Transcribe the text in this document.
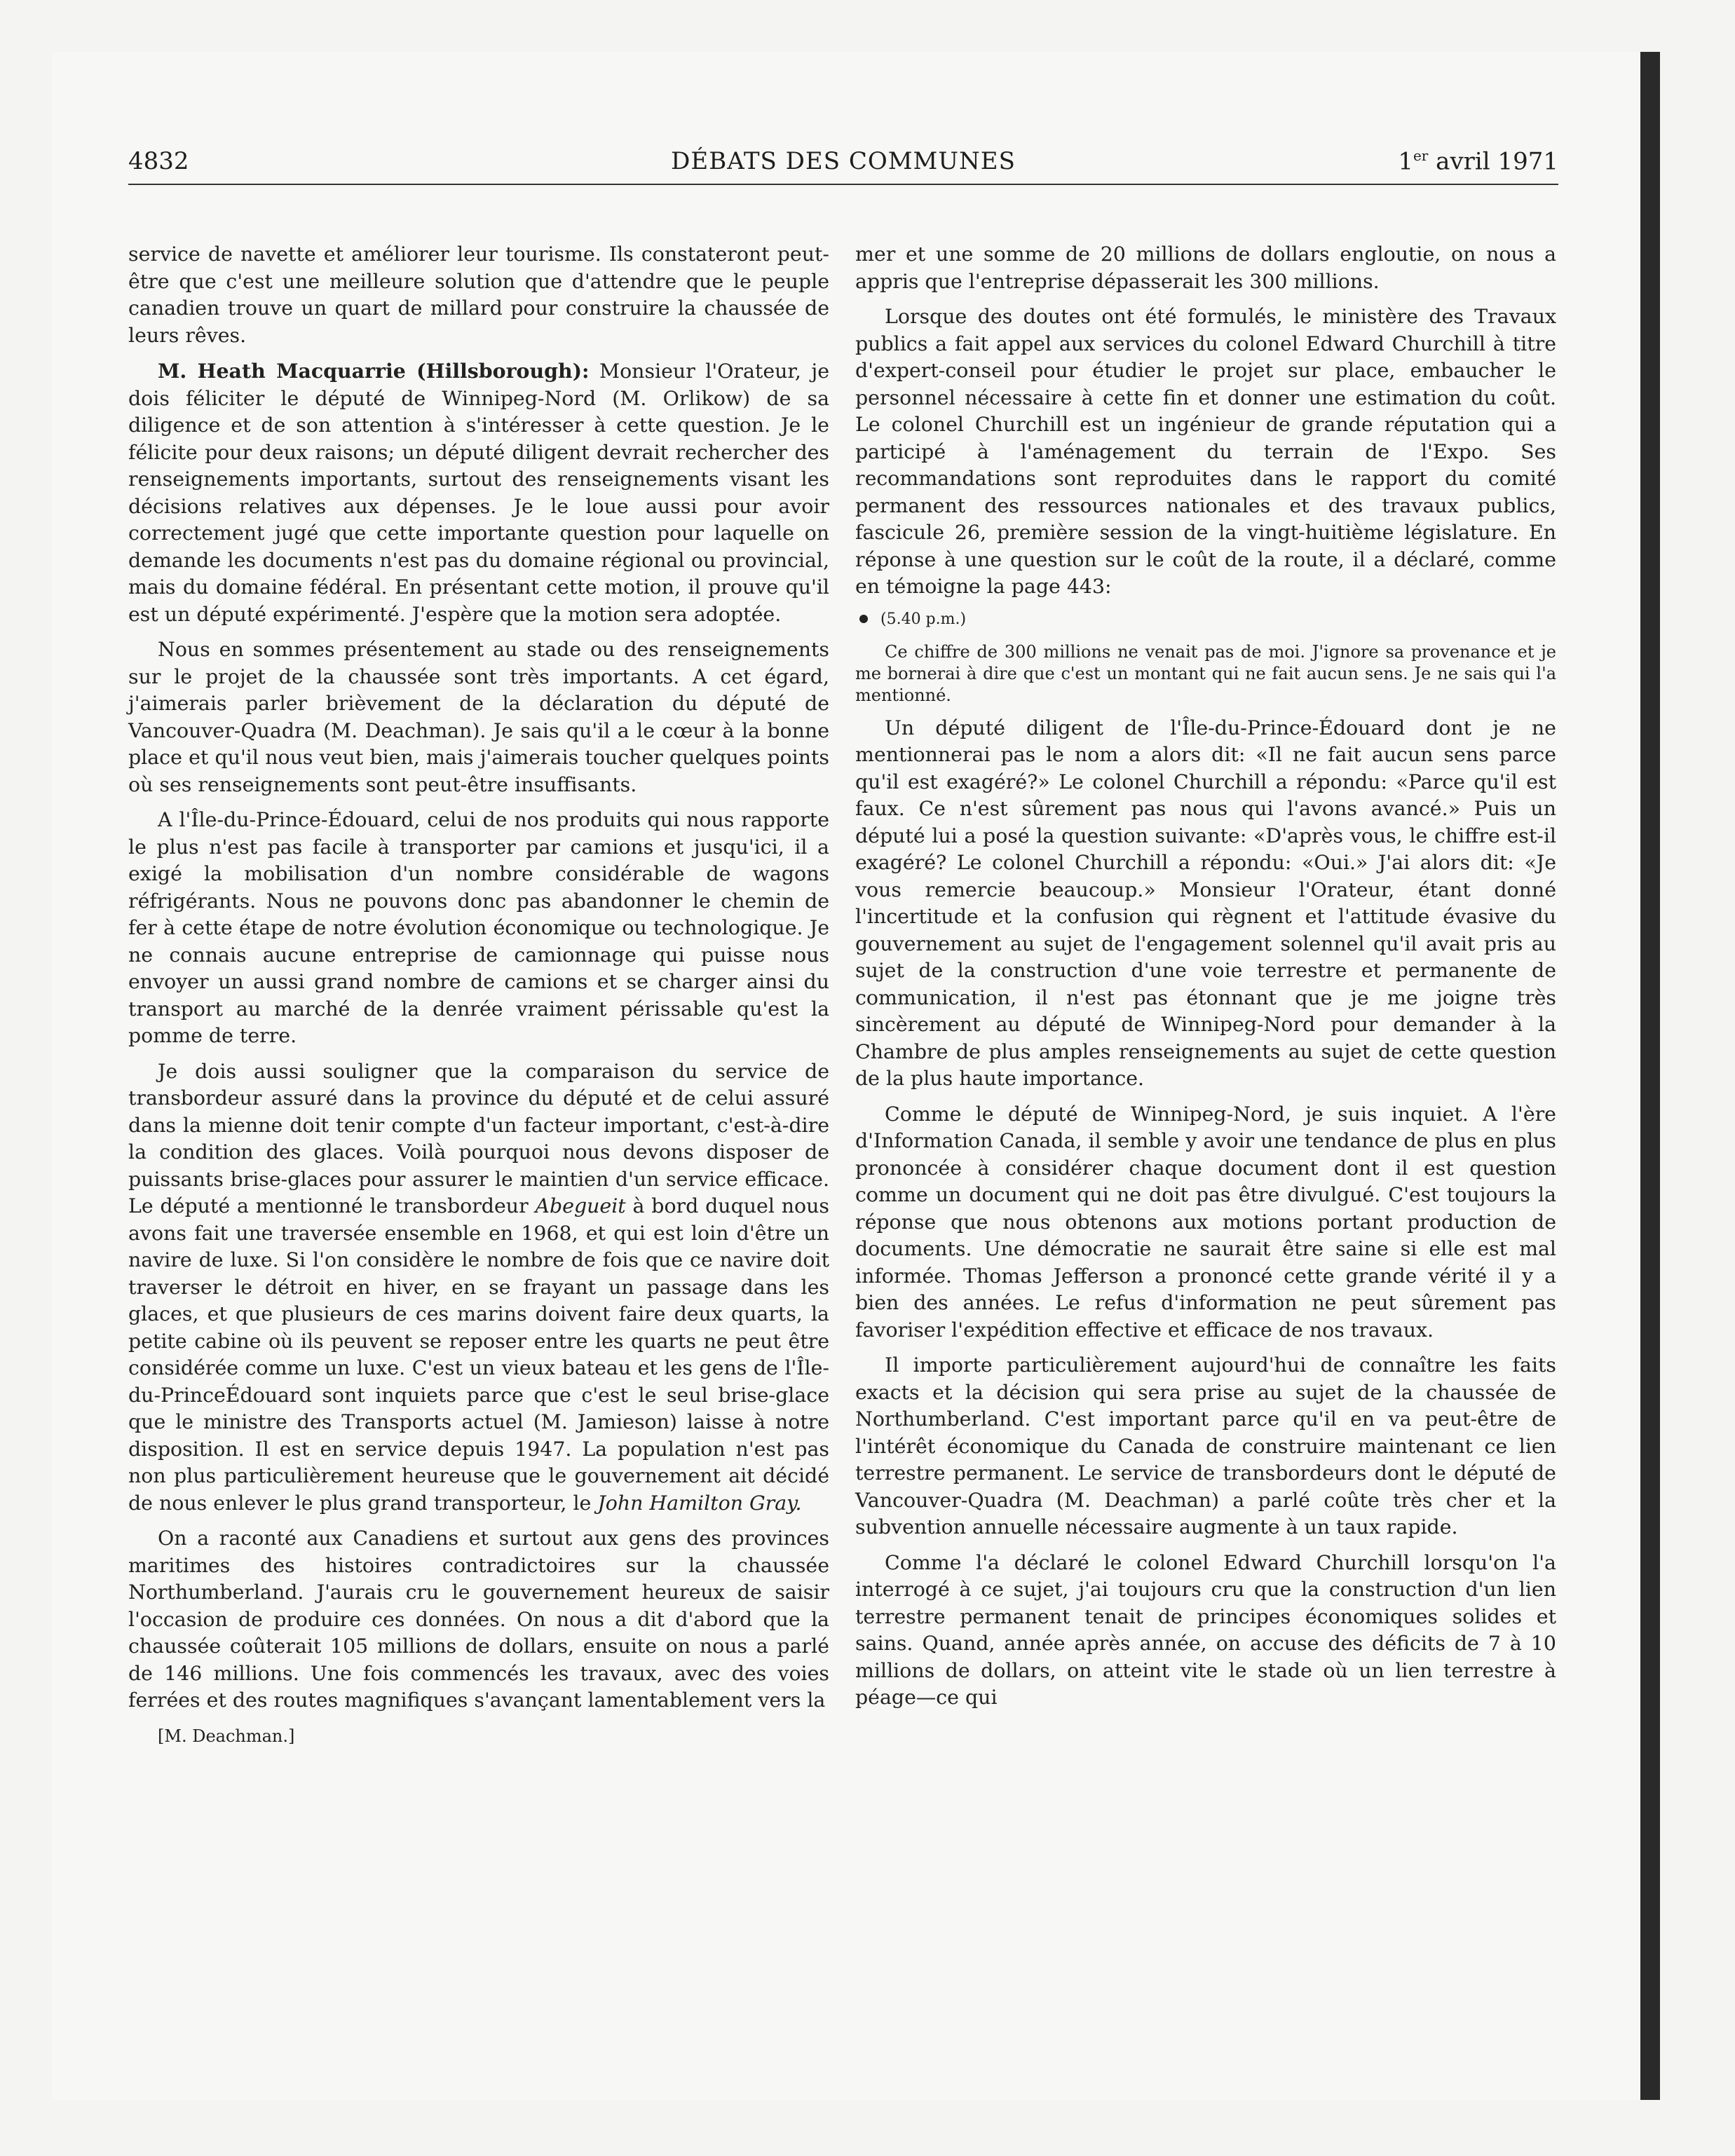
4832	DÉBATS DES COMMUNES	1er avril 1971

service de navette et améliorer leur tourisme. Ils constateront peut-être que c'est une meilleure solution que d'attendre que le peuple canadien trouve un quart de millard pour construire la chaussée de leurs rêves.

M. Heath Macquarrie (Hillsborough): Monsieur l'Orateur, je dois féliciter le député de Winnipeg-Nord (M. Orlikow) de sa diligence et de son attention à s'intéresser à cette question. Je le félicite pour deux raisons; un député diligent devrait rechercher des renseignements importants, surtout des renseignements visant les décisions relatives aux dépenses. Je le loue aussi pour avoir correctement jugé que cette importante question pour laquelle on demande les documents n'est pas du domaine régional ou provincial, mais du domaine fédéral. En présentant cette motion, il prouve qu'il est un député expérimenté. J'espère que la motion sera adoptée.

Nous en sommes présentement au stade ou des renseignements sur le projet de la chaussée sont très importants. A cet égard, j'aimerais parler brièvement de la déclaration du député de Vancouver-Quadra (M. Deachman). Je sais qu'il a le cœur à la bonne place et qu'il nous veut bien, mais j'aimerais toucher quelques points où ses renseignements sont peut-être insuffisants.

A l'Île-du-Prince-Édouard, celui de nos produits qui nous rapporte le plus n'est pas facile à transporter par camions et jusqu'ici, il a exigé la mobilisation d'un nombre considérable de wagons réfrigérants. Nous ne pouvons donc pas abandonner le chemin de fer à cette étape de notre évolution économique ou technologique. Je ne connais aucune entreprise de camionnage qui puisse nous envoyer un aussi grand nombre de camions et se charger ainsi du transport au marché de la denrée vraiment périssable qu'est la pomme de terre.

Je dois aussi souligner que la comparaison du service de transbordeur assuré dans la province du député et de celui assuré dans la mienne doit tenir compte d'un facteur important, c'est-à-dire la condition des glaces. Voilà pourquoi nous devons disposer de puissants brise-glaces pour assurer le maintien d'un service efficace. Le député a mentionné le transbordeur Abegueit à bord duquel nous avons fait une traversée ensemble en 1968, et qui est loin d'être un navire de luxe. Si l'on considère le nombre de fois que ce navire doit traverser le détroit en hiver, en se frayant un passage dans les glaces, et que plusieurs de ces marins doivent faire deux quarts, la petite cabine où ils peuvent se reposer entre les quarts ne peut être considérée comme un luxe. C'est un vieux bateau et les gens de l'Île-du-PrinceÉdouard sont inquiets parce que c'est le seul brise-glace que le ministre des Transports actuel (M. Jamieson) laisse à notre disposition. Il est en service depuis 1947. La population n'est pas non plus particulièrement heureuse que le gouvernement ait décidé de nous enlever le plus grand transporteur, le John Hamilton Gray.

On a raconté aux Canadiens et surtout aux gens des provinces maritimes des histoires contradictoires sur la chaussée Northumberland. J'aurais cru le gouvernement heureux de saisir l'occasion de produire ces données. On nous a dit d'abord que la chaussée coûterait 105 millions de dollars, ensuite on nous a parlé de 146 millions. Une fois commencés les travaux, avec des voies ferrées et des routes magnifiques s'avançant lamentablement vers la

[M. Deachman.]

mer et une somme de 20 millions de dollars engloutie, on nous a appris que l'entreprise dépasserait les 300 millions.

Lorsque des doutes ont été formulés, le ministère des Travaux publics a fait appel aux services du colonel Edward Churchill à titre d'expert-conseil pour étudier le projet sur place, embaucher le personnel nécessaire à cette fin et donner une estimation du coût. Le colonel Churchill est un ingénieur de grande réputation qui a participé à l'aménagement du terrain de l'Expo. Ses recommandations sont reproduites dans le rapport du comité permanent des ressources nationales et des travaux publics, fascicule 26, première session de la vingt-huitième législature. En réponse à une question sur le coût de la route, il a déclaré, comme en témoigne la page 443:

(5.40 p.m.)

Ce chiffre de 300 millions ne venait pas de moi. J'ignore sa provenance et je me bornerai à dire que c'est un montant qui ne fait aucun sens. Je ne sais qui l'a mentionné.

Un député diligent de l'Île-du-Prince-Édouard dont je ne mentionnerai pas le nom a alors dit: «Il ne fait aucun sens parce qu'il est exagéré?» Le colonel Churchill a répondu: «Parce qu'il est faux. Ce n'est sûrement pas nous qui l'avons avancé.» Puis un député lui a posé la question suivante: «D'après vous, le chiffre est-il exagéré? Le colonel Churchill a répondu: «Oui.» J'ai alors dit: «Je vous remercie beaucoup.» Monsieur l'Orateur, étant donné l'incertitude et la confusion qui règnent et l'attitude évasive du gouvernement au sujet de l'engagement solennel qu'il avait pris au sujet de la construction d'une voie terrestre et permanente de communication, il n'est pas étonnant que je me joigne très sincèrement au député de Winnipeg-Nord pour demander à la Chambre de plus amples renseignements au sujet de cette question de la plus haute importance.

Comme le député de Winnipeg-Nord, je suis inquiet. A l'ère d'Information Canada, il semble y avoir une tendance de plus en plus prononcée à considérer chaque document dont il est question comme un document qui ne doit pas être divulgué. C'est toujours la réponse que nous obtenons aux motions portant production de documents. Une démocratie ne saurait être saine si elle est mal informée. Thomas Jefferson a prononcé cette grande vérité il y a bien des années. Le refus d'information ne peut sûrement pas favoriser l'expédition effective et efficace de nos travaux.

Il importe particulièrement aujourd'hui de connaître les faits exacts et la décision qui sera prise au sujet de la chaussée de Northumberland. C'est important parce qu'il en va peut-être de l'intérêt économique du Canada de construire maintenant ce lien terrestre permanent. Le service de transbordeurs dont le député de Vancouver-Quadra (M. Deachman) a parlé coûte très cher et la subvention annuelle nécessaire augmente à un taux rapide.

Comme l'a déclaré le colonel Edward Churchill lorsqu'on l'a interrogé à ce sujet, j'ai toujours cru que la construction d'un lien terrestre permanent tenait de principes économiques solides et sains. Quand, année après année, on accuse des déficits de 7 à 10 millions de dollars, on atteint vite le stade où un lien terrestre à péage—ce qui
